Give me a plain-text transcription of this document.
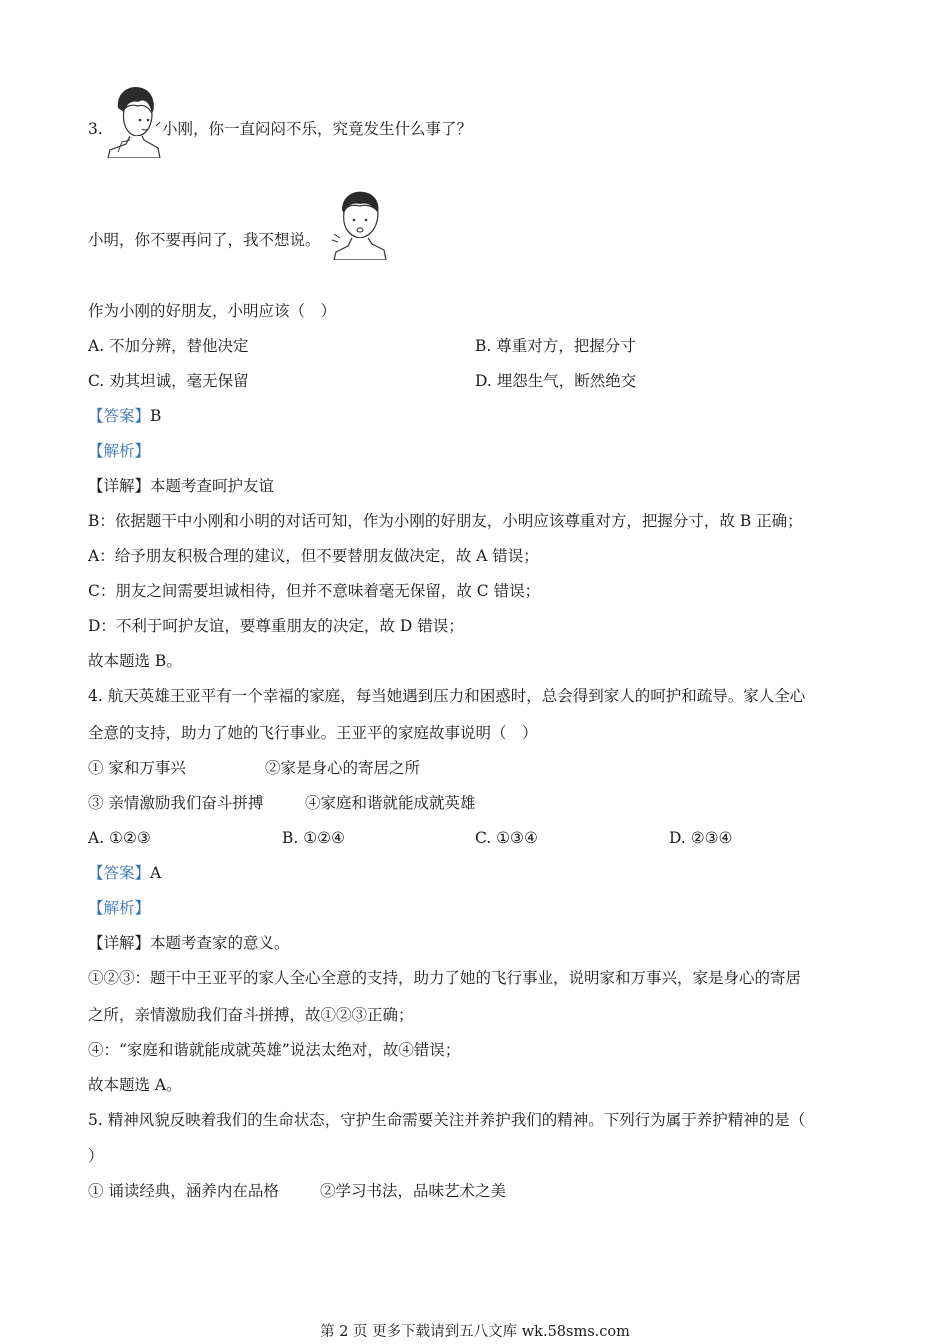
3.	小刚，你一直闷闷不乐，究竟发生什么事了？
小明，你不要再问了，我不想说。
作为小刚的好朋友，小明应该（　）
A. 不加分辨，替他决定	B. 尊重对方，把握分寸
C. 劝其坦诚，毫无保留	D. 埋怨生气，断然绝交
【答案】B
【解析】
【详解】本题考查呵护友谊
B：依据题干中小刚和小明的对话可知，作为小刚的好朋友，小明应该尊重对方，把握分寸，故 B 正确；
A：给予朋友积极合理的建议，但不要替朋友做决定，故 A 错误；
C：朋友之间需要坦诚相待，但并不意味着毫无保留，故 C 错误；
D：不利于呵护友谊，要尊重朋友的决定，故 D 错误；
故本题选 B。
4. 航天英雄王亚平有一个幸福的家庭，每当她遇到压力和困惑时，总会得到家人的呵护和疏导。家人全心
全意的支持，助力了她的飞行事业。王亚平的家庭故事说明（　）
① 家和万事兴	②家是身心的寄居之所
③ 亲情激励我们奋斗拼搏	④家庭和谐就能成就英雄
A. ①②③	B. ①②④	C. ①③④	D. ②③④
【答案】A
【解析】
【详解】本题考查家的意义。
①②③：题干中王亚平的家人全心全意的支持，助力了她的飞行事业，说明家和万事兴，家是身心的寄居
之所，亲情激励我们奋斗拼搏，故①②③正确；
④：“家庭和谐就能成就英雄”说法太绝对，故④错误；
故本题选 A。
5. 精神风貌反映着我们的生命状态，守护生命需要关注并养护我们的精神。下列行为属于养护精神的是（
）
① 诵读经典，涵养内在品格	②学习书法，品味艺术之美
第 2 页 更多下载请到五八文库 wk.58sms.com
